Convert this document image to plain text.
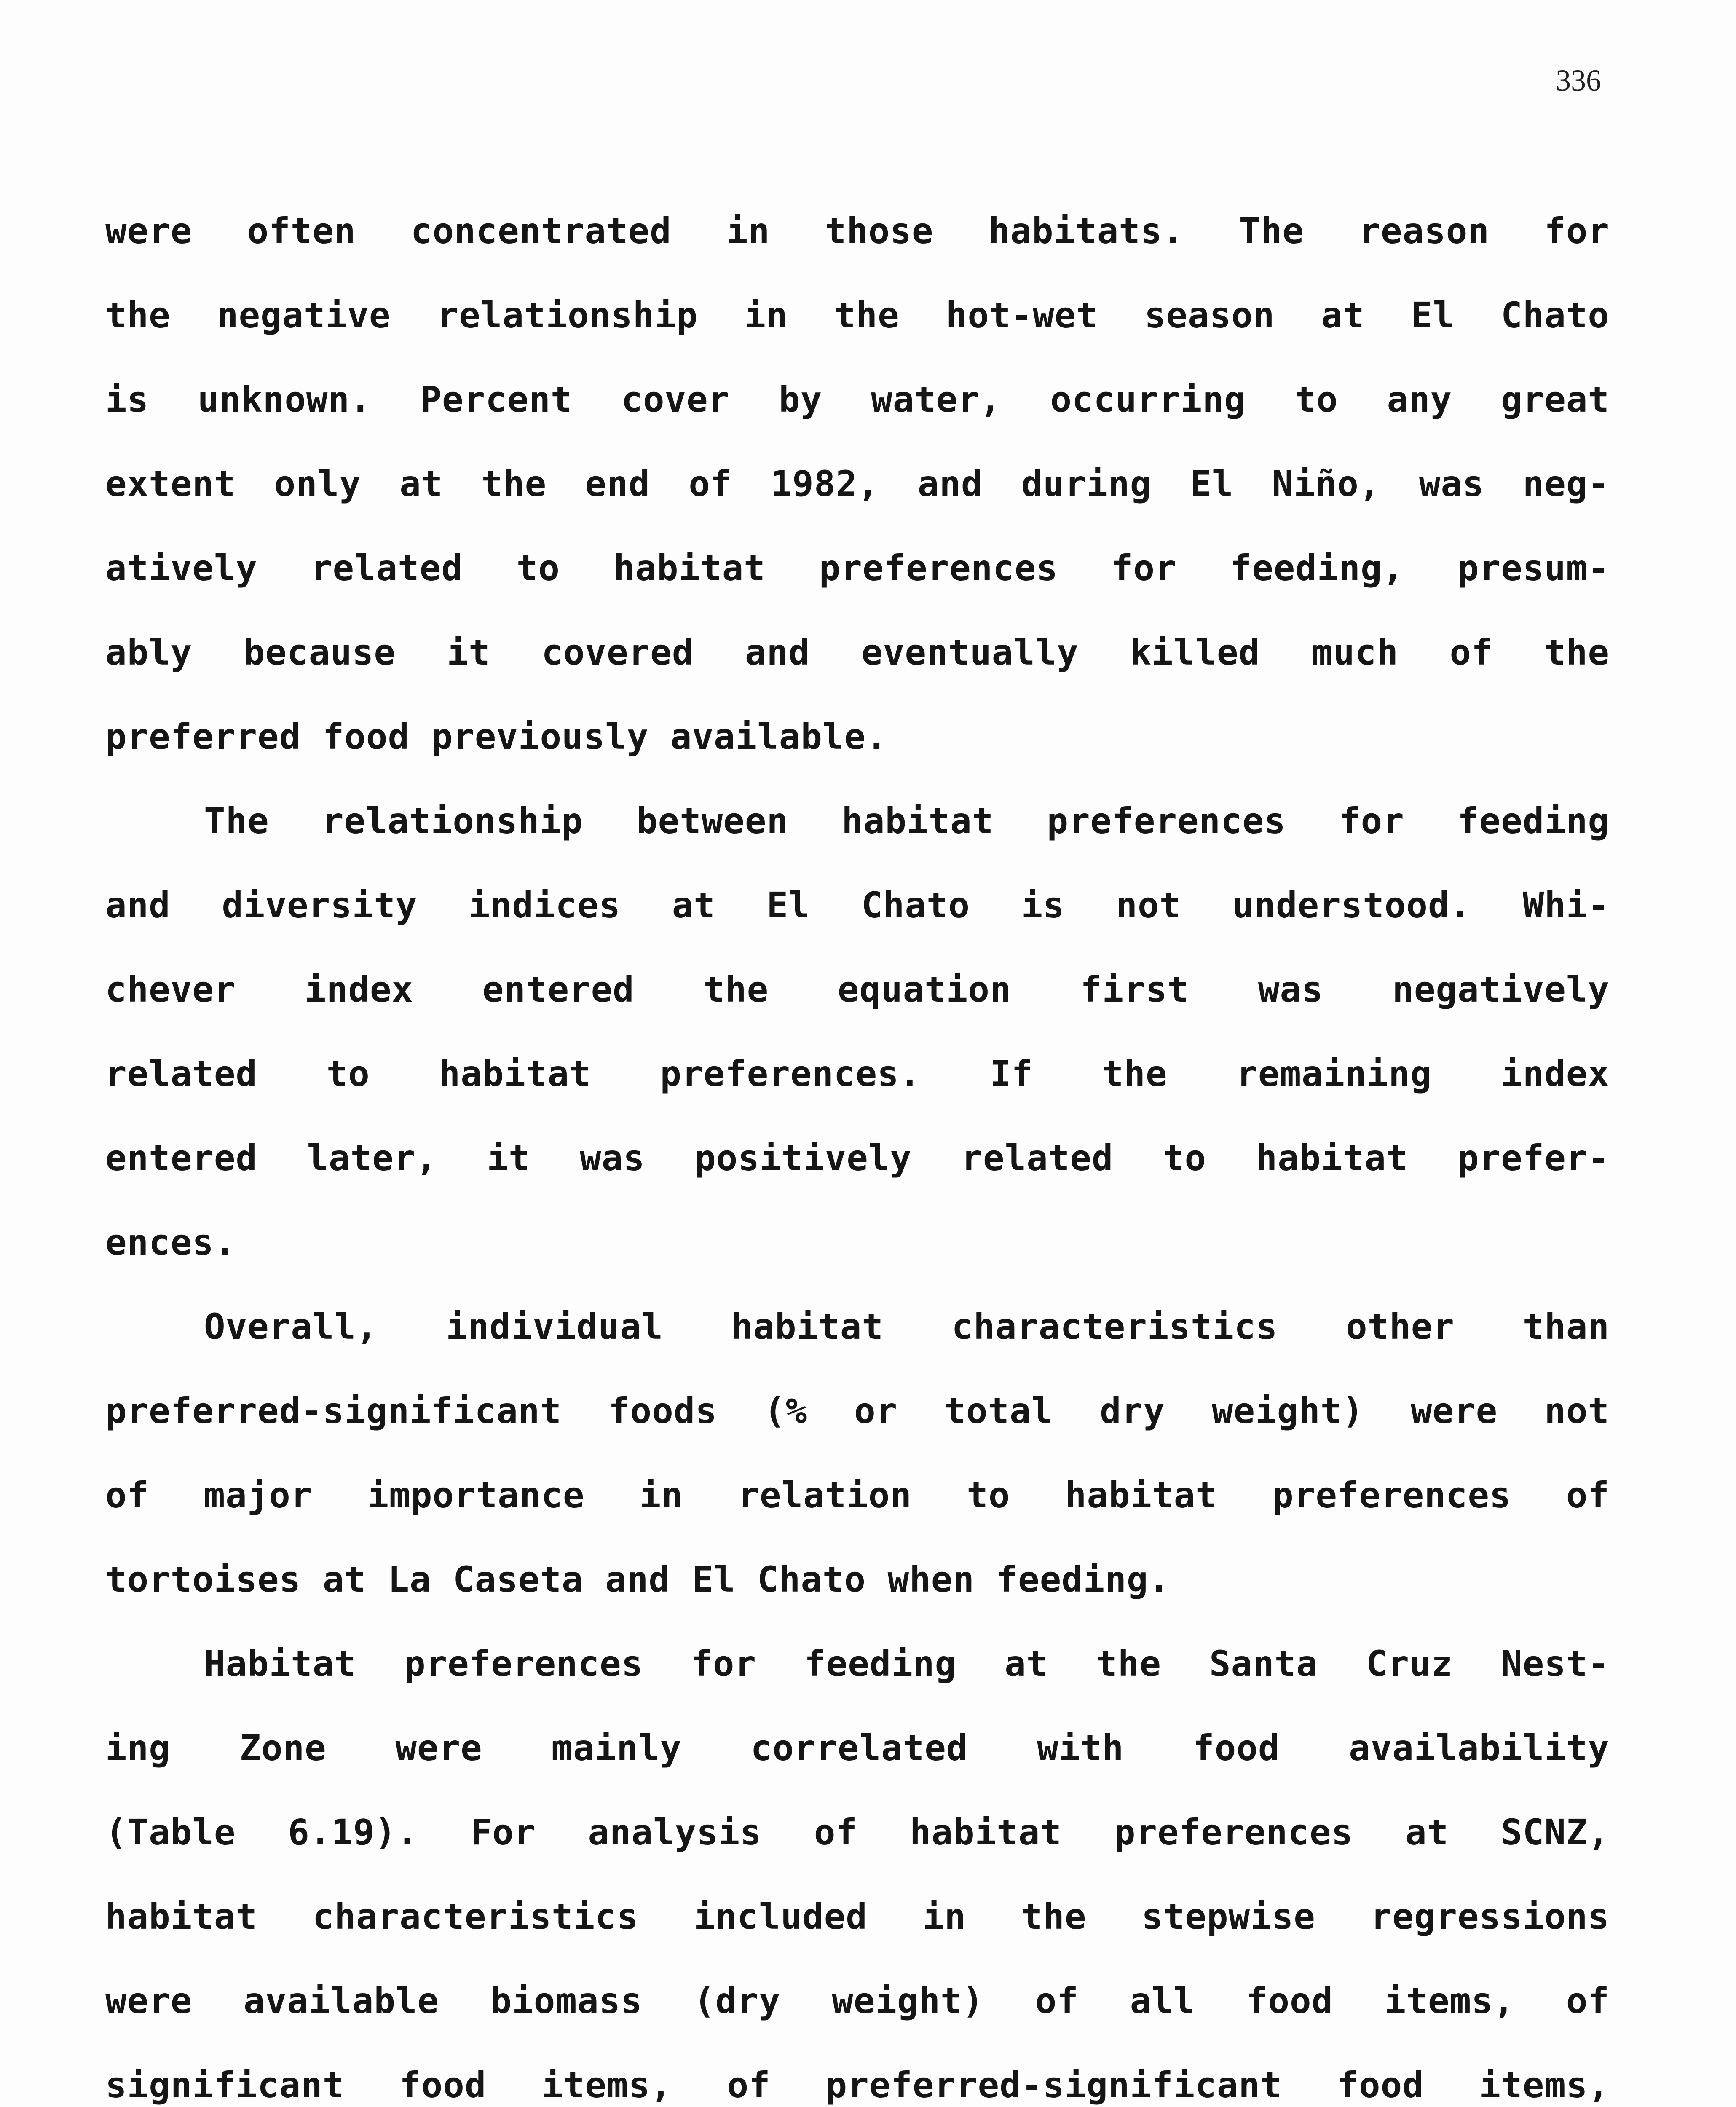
336
were often concentrated in those habitats. The reason for
the negative relationship in the hot-wet season at El Chato
is unknown. Percent cover by water, occurring to any great
extent only at the end of 1982, and during El Niño, was neg-
atively related to habitat preferences for feeding, presum-
ably because it covered and eventually killed much of the
preferred food previously available.
The relationship between habitat preferences for feeding
and diversity indices at El Chato is not understood. Whi-
chever index entered the equation first was negatively
related to habitat preferences. If the remaining index
entered later, it was positively related to habitat prefer-
ences.
Overall, individual habitat characteristics other than
preferred-significant foods (% or total dry weight) were not
of major importance in relation to habitat preferences of
tortoises at La Caseta and El Chato when feeding.
Habitat preferences for feeding at the Santa Cruz Nest-
ing Zone were mainly correlated with food availability
(Table 6.19). For analysis of habitat preferences at SCNZ,
habitat characteristics included in the stepwise regressions
were available biomass (dry weight) of all food items, of
significant food items, of preferred-significant food items,
